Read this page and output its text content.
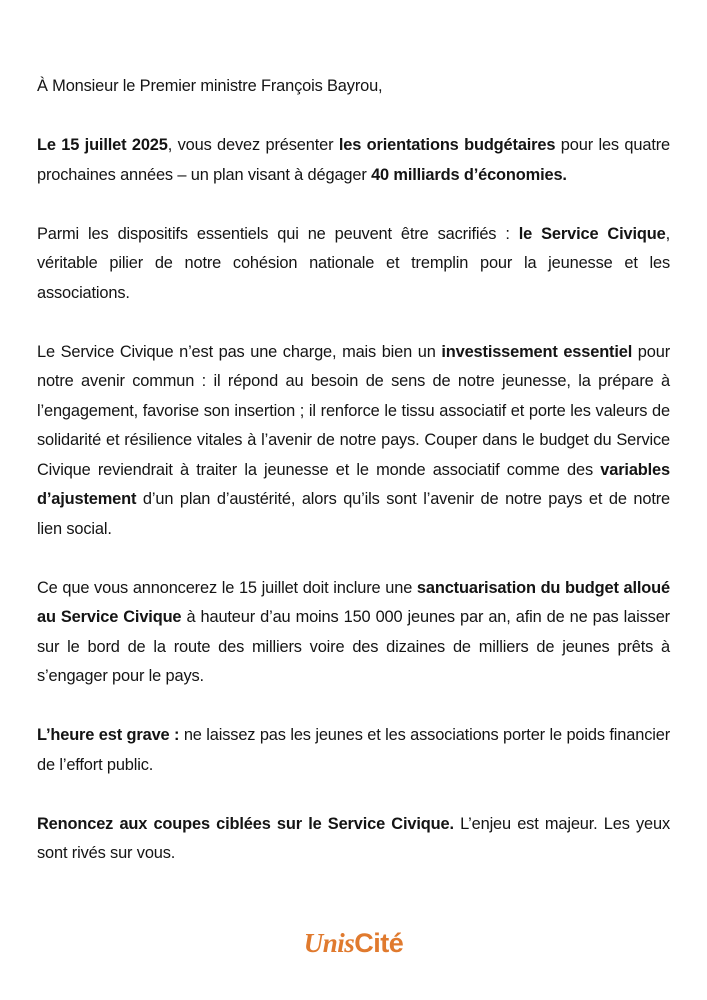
À Monsieur le Premier ministre François Bayrou,

Le 15 juillet 2025, vous devez présenter les orientations budgétaires pour les quatre prochaines années – un plan visant à dégager 40 milliards d’économies.

Parmi les dispositifs essentiels qui ne peuvent être sacrifiés : le Service Civique, véritable pilier de notre cohésion nationale et tremplin pour la jeunesse et les associations.

Le Service Civique n’est pas une charge, mais bien un investissement essentiel pour notre avenir commun : il répond au besoin de sens de notre jeunesse, la prépare à l’engagement, favorise son insertion ; il renforce le tissu associatif et porte les valeurs de solidarité et résilience vitales à l’avenir de notre pays. Couper dans le budget du Service Civique reviendrait à traiter la jeunesse et le monde associatif comme des variables d’ajustement d’un plan d’austérité, alors qu’ils sont l’avenir de notre pays et de notre lien social.

Ce que vous annoncerez le 15 juillet doit inclure une sanctuarisation du budget alloué au Service Civique à hauteur d’au moins 150 000 jeunes par an, afin de ne pas laisser sur le bord de la route des milliers voire des dizaines de milliers de jeunes prêts à s’engager pour le pays.

L’heure est grave : ne laissez pas les jeunes et les associations porter le poids financier de l’effort public.

Renoncez aux coupes ciblées sur le Service Civique. L’enjeu est majeur. Les yeux sont rivés sur vous.

UnisCité
